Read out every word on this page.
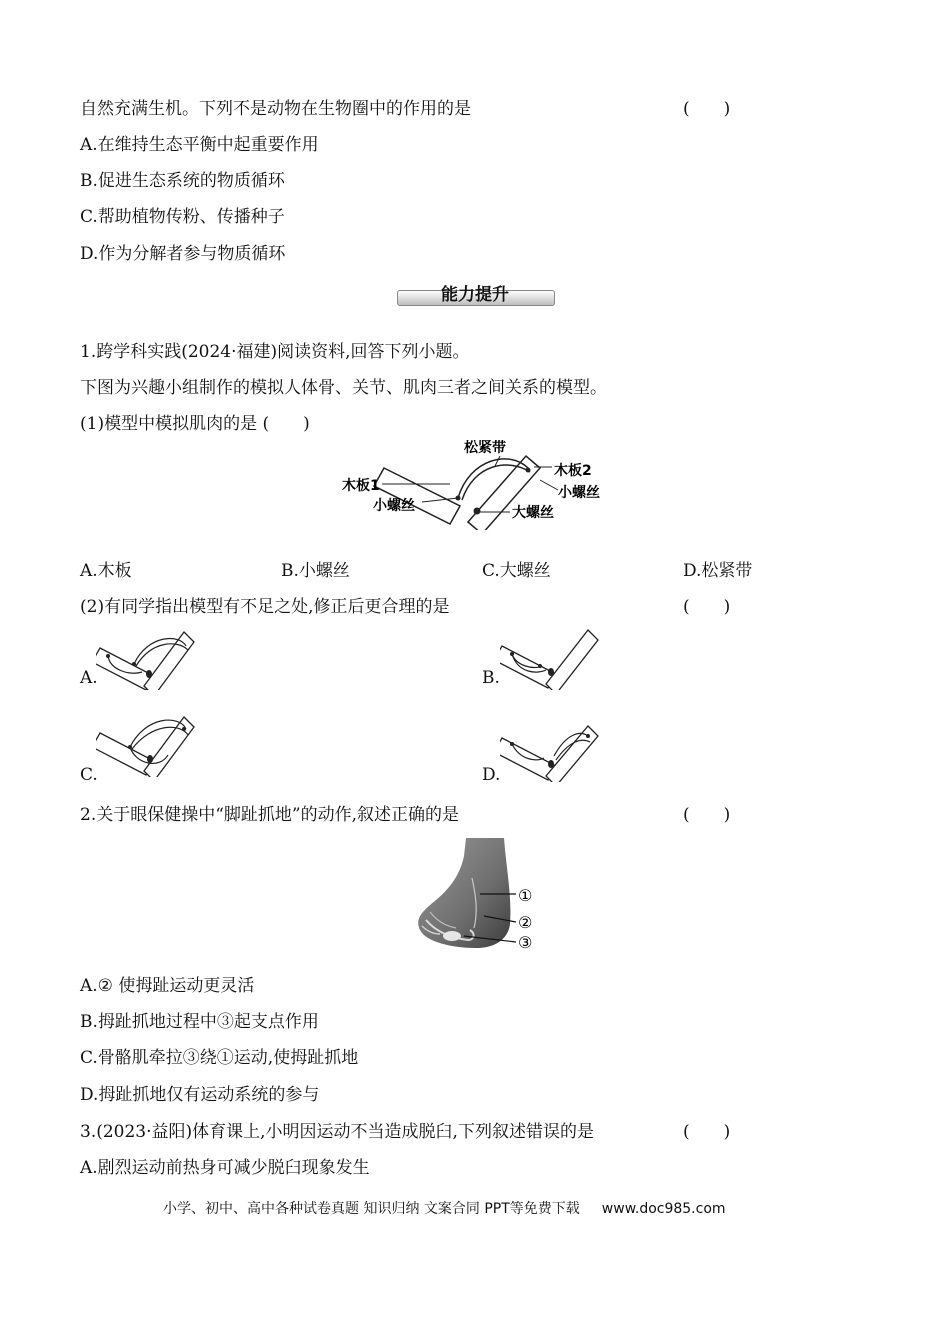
自然充满生机。下列不是动物在生物圈中的作用的是	(　　)
A.在维持生态平衡中起重要作用
B.促进生态系统的物质循环
C.帮助植物传粉、传播种子
D.作为分解者参与物质循环
能力提升
1.跨学科实践(2024·福建)阅读资料,回答下列小题。
下图为兴趣小组制作的模拟人体骨、关节、肌肉三者之间关系的模型。
(1)模型中模拟肌肉的是 (　　)
松紧带
木板1
木板2
小螺丝
小螺丝
大螺丝
A.木板	B.小螺丝	C.大螺丝	D.松紧带
(2)有同学指出模型有不足之处,修正后更合理的是	(　　)
A.	B.
C.	D.
2.关于眼保健操中“脚趾抓地”的动作,叙述正确的是	(　　)
①
②
③
A.② 使拇趾运动更灵活
B.拇趾抓地过程中③起支点作用
C.骨骼肌牵拉③绕①运动,使拇趾抓地
D.拇趾抓地仅有运动系统的参与
3.(2023·益阳)体育课上,小明因运动不当造成脱臼,下列叙述错误的是	(　　)
A.剧烈运动前热身可减少脱臼现象发生
小学、初中、高中各种试卷真题 知识归纳 文案合同 PPT等免费下载 www.doc985.com
